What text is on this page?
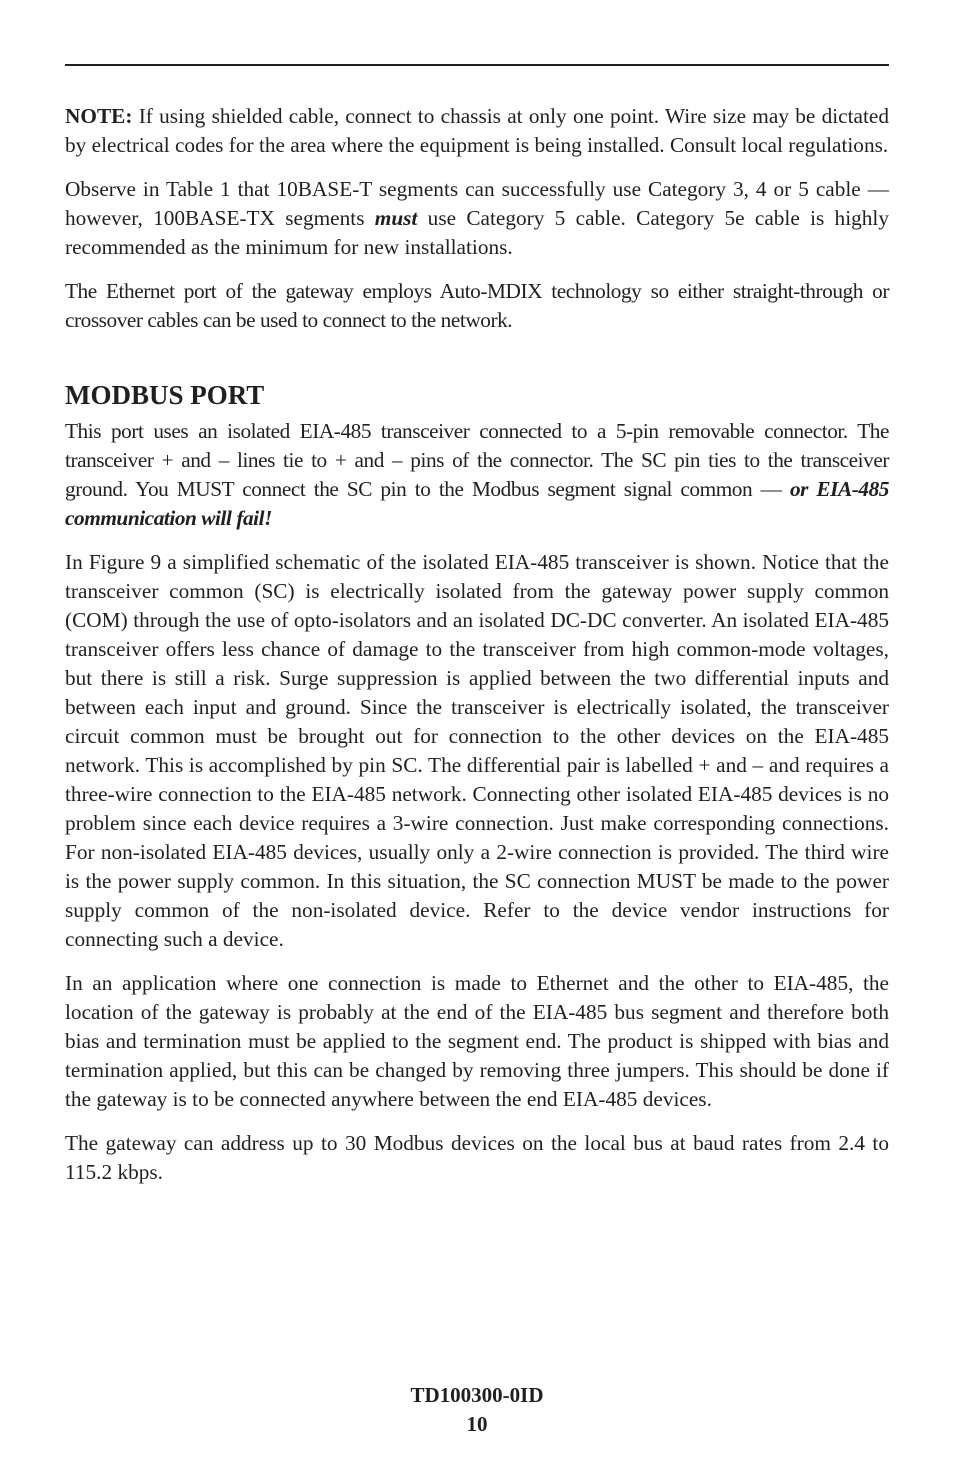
NOTE: If using shielded cable, connect to chassis at only one point. Wire size may be dictated by electrical codes for the area where the equipment is being installed. Consult local regulations.

Observe in Table 1 that 10BASE-T segments can successfully use Category 3, 4 or 5 cable — however, 100BASE-TX segments must use Category 5 cable. Category 5e cable is highly recommended as the minimum for new installations.

The Ethernet port of the gateway employs Auto-MDIX technology so either straight-through or crossover cables can be used to connect to the network.

MODBUS PORT

This port uses an isolated EIA-485 transceiver connected to a 5-pin removable connector. The transceiver + and – lines tie to + and – pins of the connector. The SC pin ties to the transceiver ground. You MUST connect the SC pin to the Modbus segment signal common — or EIA-485 communication will fail!

In Figure 9 a simplified schematic of the isolated EIA-485 transceiver is shown. Notice that the transceiver common (SC) is electrically isolated from the gateway power supply common (COM) through the use of opto-isolators and an isolated DC-DC converter. An isolated EIA-485 transceiver offers less chance of damage to the transceiver from high common-mode voltages, but there is still a risk. Surge suppression is applied between the two differential inputs and between each input and ground. Since the transceiver is electrically isolated, the transceiver circuit common must be brought out for connection to the other devices on the EIA-485 network. This is accomplished by pin SC. The differential pair is labelled + and – and requires a three-wire connection to the EIA-485 network. Connecting other isolated EIA-485 devices is no problem since each device requires a 3-wire connection. Just make corresponding connections. For non-isolated EIA-485 devices, usually only a 2-wire connection is provided. The third wire is the power supply common. In this situation, the SC connection MUST be made to the power supply common of the non-isolated device. Refer to the device vendor instructions for connecting such a device.

In an application where one connection is made to Ethernet and the other to EIA-485, the location of the gateway is probably at the end of the EIA-485 bus segment and therefore both bias and termination must be applied to the segment end. The product is shipped with bias and termination applied, but this can be changed by removing three jumpers. This should be done if the gateway is to be connected anywhere between the end EIA-485 devices.

The gateway can address up to 30 Modbus devices on the local bus at baud rates from 2.4 to 115.2 kbps.

TD100300-0ID
10
